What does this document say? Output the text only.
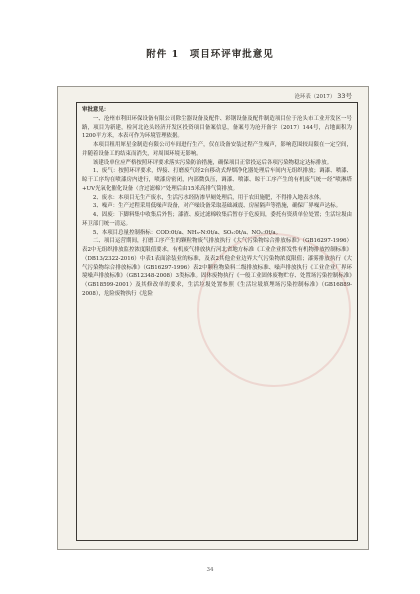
附件 1　项目环评审批意见
沧环表（2017） 33号

审批意见：

一、沧州市利田环保设备有限公司除尘器设备及配件、彩钢设备及配件制造项目位于沧头市工业开发区一号路，项目为新建，检河北沧头经济开发区投资项目备案信息，备案号为沧开备字（2017）144号，占地面积为1200平方米，本表可作为环境管理依据。

本项目租用犀星金制造有限公司车间进行生产，仅在设备安装过程产生噪声，影响范围较局限在一定空间，并随着设备工的结束而消失，对周围环境无影响。

该建设单位应严格按照环评要求落实污染防治措施，确保项目正常投运后各项污染物稳定达标排放。

1、废气：按照环评要求，焊接、打磨废气经2台移动式焊烟净化器处理后车间内无组织排放；调漆、喷漆、晾干工序均在喷漆房内进行，喷漆房密闭，内部微负压，调漆、喷漆、晾干工序产生的有机废气统一经“喷淋塔+UV光氧化催化设备（含过滤棉）”处理后由15米高排气筒排放。

2、废水：本项目无生产废水，生活污水经防渗旱厕处理后，用于农田施肥，不得排入地表水体。

3、噪声：生产过程采用低噪声设备，对产噪设备采取基础减震、房屋隔声等措施，确保厂界噪声达标。

4、固废：下脚料集中收集后外售；漆渣、废过滤棉收集后暂存于危废间，委托有资质单位处置；生活垃圾由环卫部门统一清运。

5、本项目总量控制指标：COD:0t/a、NH₃-N:0t/a、SO₂:0t/a、NOₓ:0t/a。

二、项目运营期间，打磨工序产生的颗粒物废气排放执行《大气污染物综合排放标准》（GB16297-1996）表2中无组织排放监控浓度限值要求，有机废气排放执行河北省地方标准《工业企业挥发性有机物排放控制标准》（DB13/2322-2016）中表1表面涂装业的标准，及表2其他企业边界大气污染物浓度限值；漆雾排放执行《大气污染物综合排放标准》（GB16297-1996）表2中颗粒物染料二级排放标准、噪声排放执行《工业企业厂界环境噪声排放标准》（GB12348-2008）3类标准。固体废物执行《一般工业固体废物贮存、处置场污染控制标准》（GB18599-2001）及其修改单的要求，生活垃圾处置参照《生活垃圾填埋场污染控制标准》（GB16889-2008），危险废物执行《危险

34
